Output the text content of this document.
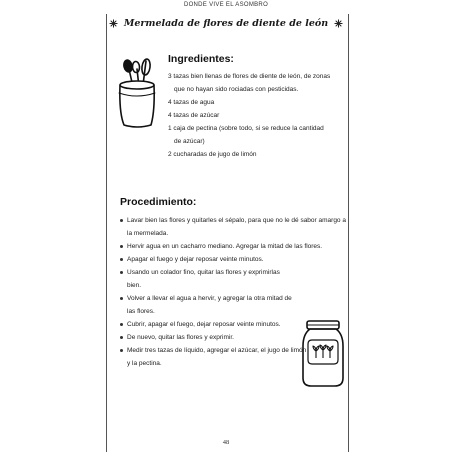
DONDE VIVE EL ASOMBRO
Mermelada de flores de diente de león
Ingredientes:
3 tazas bien llenas de flores de diente de león, de zonas
que no hayan sido rociadas con pesticidas.
4 tazas de agua
4 tazas de azúcar
1 caja de pectina (sobre todo, si se reduce la cantidad
de azúcar)
2 cucharadas de jugo de limón
Procedimiento:
Lavar bien las flores y quitarles el sépalo, para que no le dé sabor amargo a la mermelada.
Hervir agua en un cacharro mediano. Agregar la mitad de las flores.
Apagar el fuego y dejar reposar veinte minutos.
Usando un colador fino, quitar las flores y exprimirlas bien.
Volver a llevar el agua a hervir, y agregar la otra mitad de las flores.
Cubrir, apagar el fuego, dejar reposar veinte minutos.
De nuevo, quitar las flores y exprimir.
Medir tres tazas de líquido, agregar el azúcar, el jugo de limón y la pectina.
48
